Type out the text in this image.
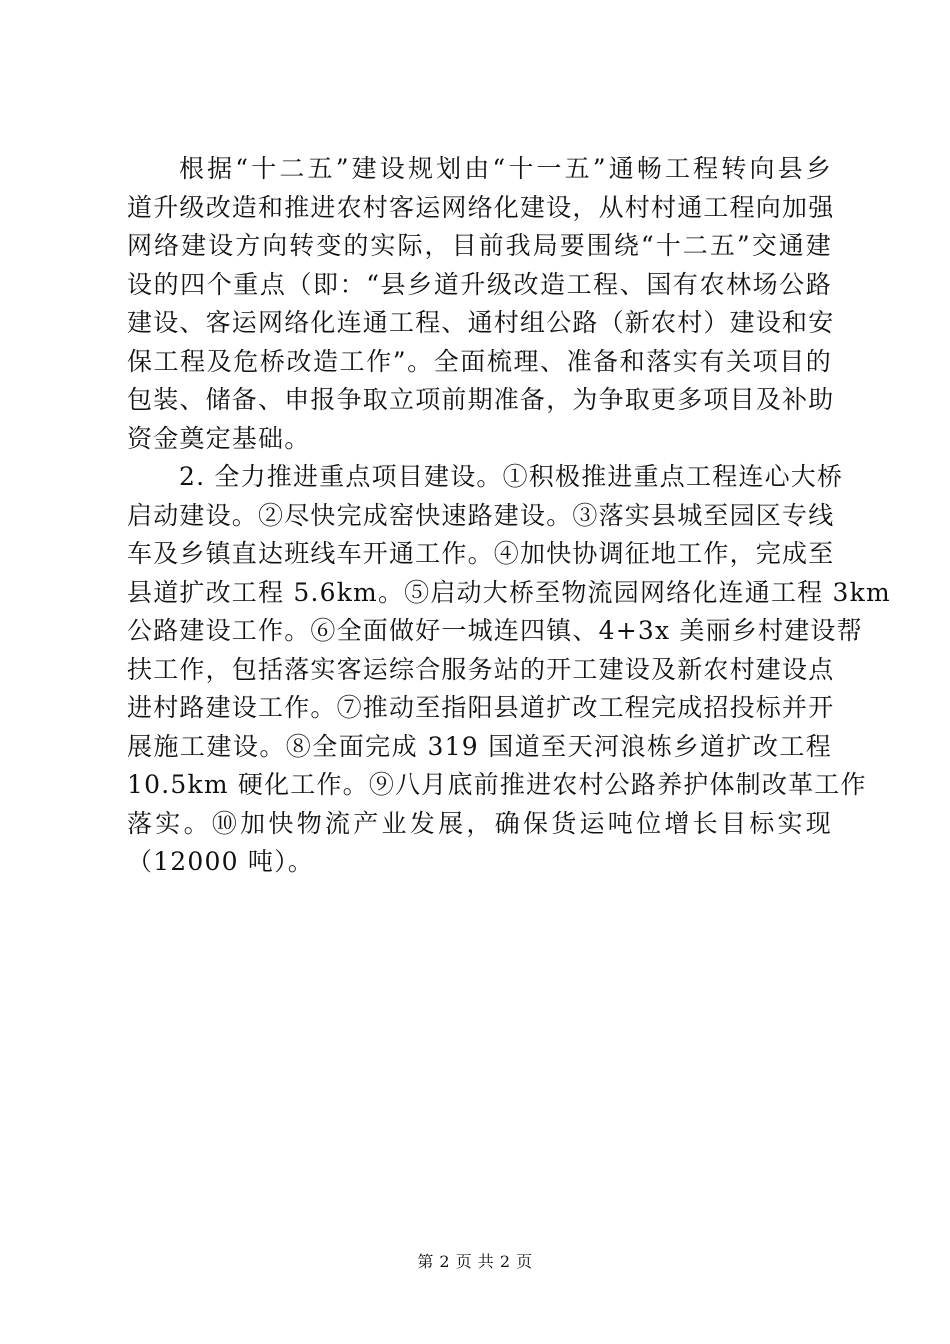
根据“十二五”建设规划由“十一五”通畅工程转向县乡
道升级改造和推进农村客运网络化建设，从村村通工程向加强
网络建设方向转变的实际，目前我局要围绕“十二五”交通建
设的四个重点（即：“县乡道升级改造工程、国有农林场公路
建设、客运网络化连通工程、通村组公路（新农村）建设和安
保工程及危桥改造工作”。全面梳理、准备和落实有关项目的
包装、储备、申报争取立项前期准备，为争取更多项目及补助
资金奠定基础。
2. 全力推进重点项目建设。①积极推进重点工程连心大桥
启动建设。②尽快完成窑快速路建设。③落实县城至园区专线
车及乡镇直达班线车开通工作。④加快协调征地工作，完成至
县道扩改工程 5.6km。⑤启动大桥至物流园网络化连通工程 3km
公路建设工作。⑥全面做好一城连四镇、4+3x 美丽乡村建设帮
扶工作，包括落实客运综合服务站的开工建设及新农村建设点
进村路建设工作。⑦推动至指阳县道扩改工程完成招投标并开
展施工建设。⑧全面完成 319 国道至天河浪栋乡道扩改工程
10.5km 硬化工作。⑨八月底前推进农村公路养护体制改革工作
落实。⑩加快物流产业发展，确保货运吨位增长目标实现
（12000 吨）。
第 2 页 共 2 页
